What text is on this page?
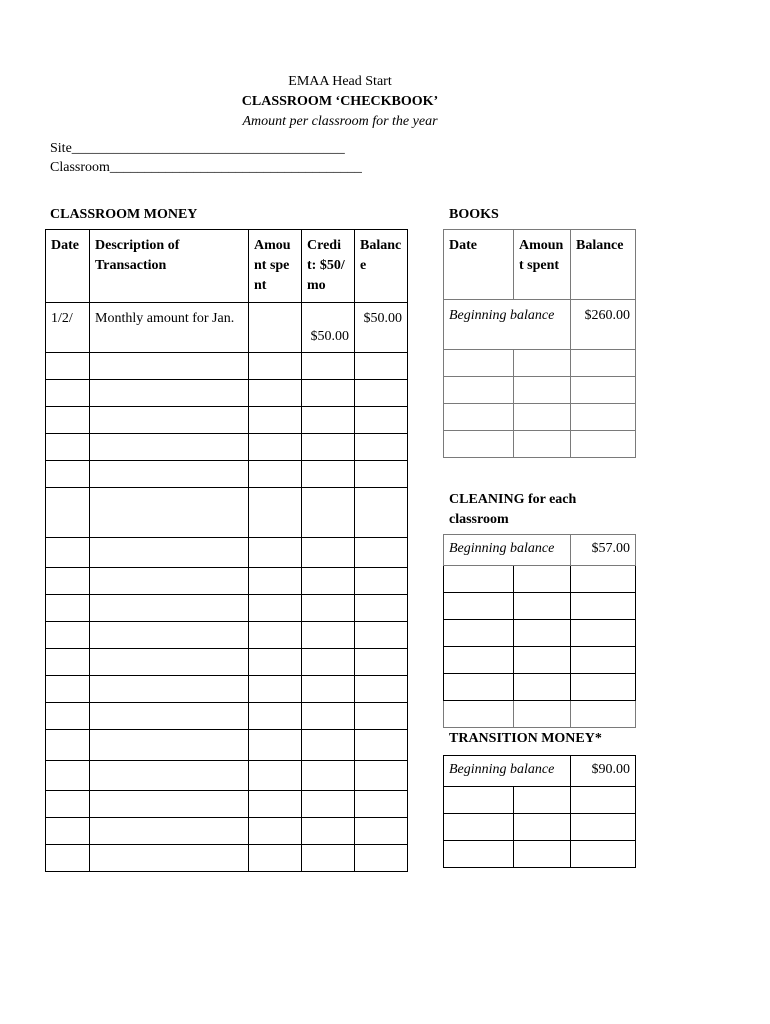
EMAA Head Start
CLASSROOM ‘CHECKBOOK’
Amount per classroom for the year
Site_______________________________________
Classroom____________________________________
CLASSROOM MONEY	BOOKS
Date	Description of Transaction	Amount spent	Credit: $50/ mo	Balance

1/2/	Monthly amount for Jan.		$50.00	$50.00

Date	Amount spent	Balance
Beginning balance		$260.00

CLEANING for each classroom
Beginning balance		$57.00

TRANSITION MONEY*
Beginning balance		$90.00
